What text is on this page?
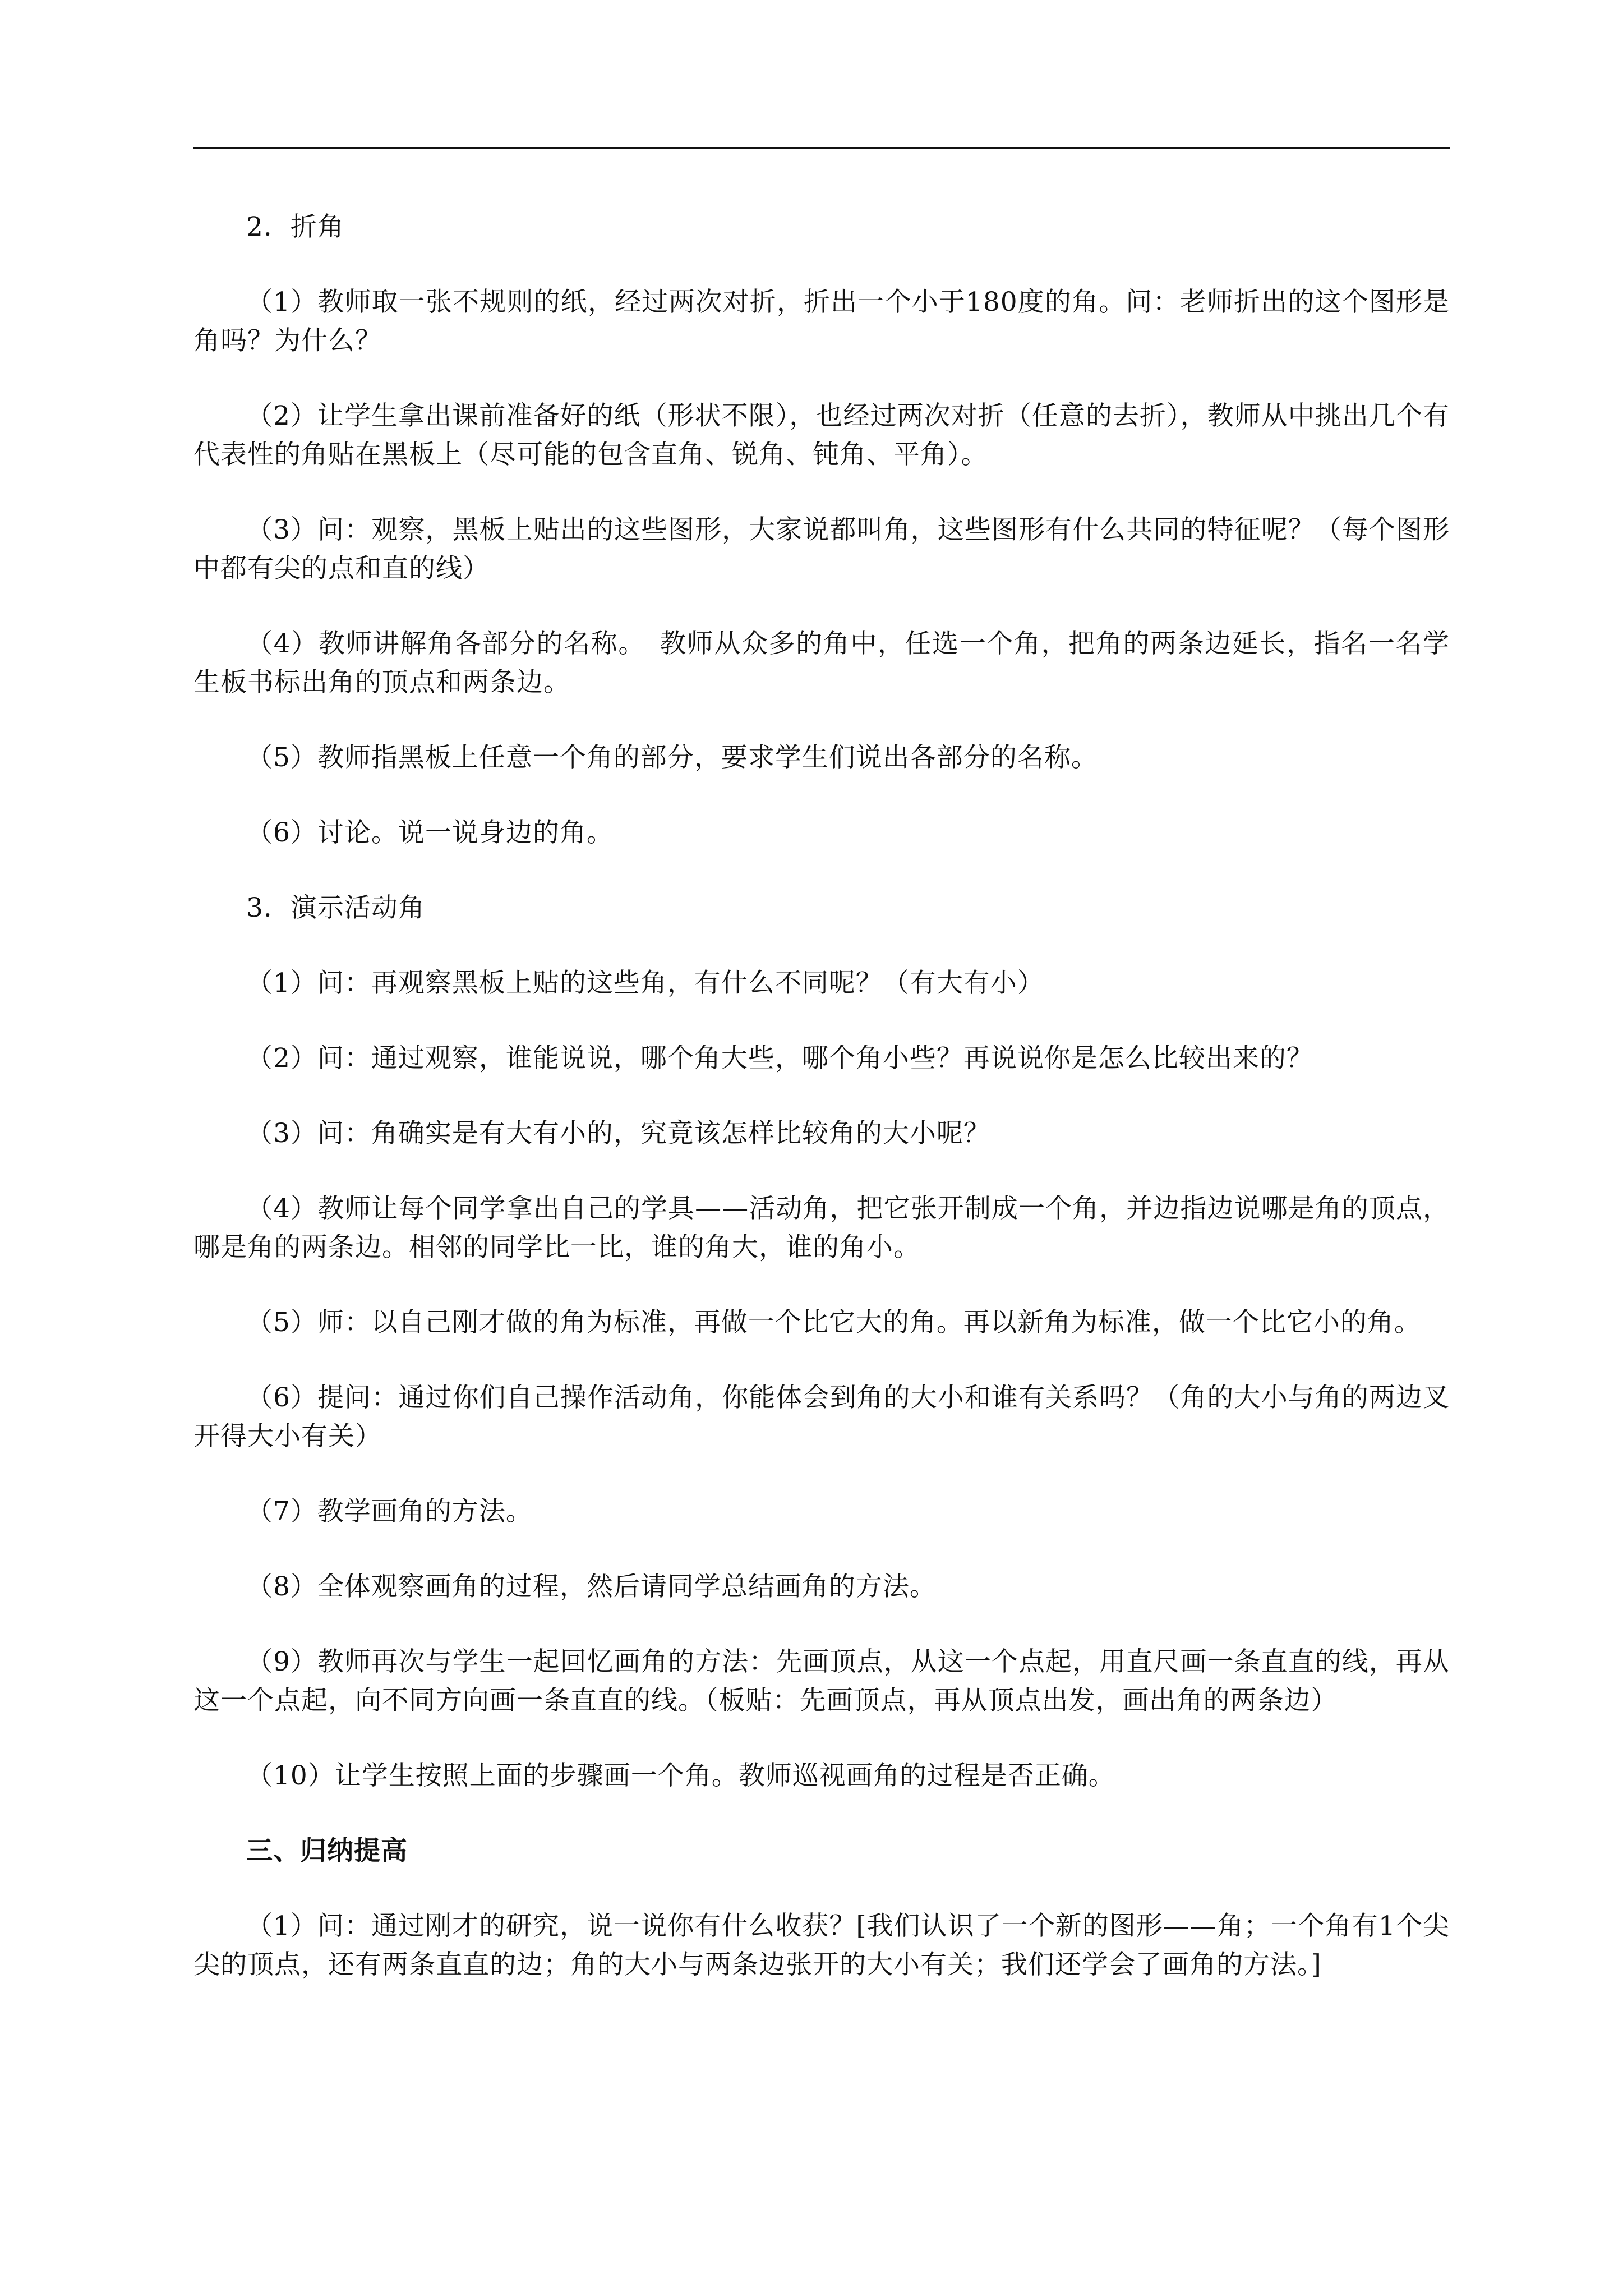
2．折角

（1）教师取一张不规则的纸，经过两次对折，折出一个小于180度的角。问：老师折出的这个图形是角吗？为什么？

（2）让学生拿出课前准备好的纸（形状不限），也经过两次对折（任意的去折），教师从中挑出几个有代表性的角贴在黑板上（尽可能的包含直角、锐角、钝角、平角）。

（3）问：观察，黑板上贴出的这些图形，大家说都叫角，这些图形有什么共同的特征呢？（每个图形中都有尖的点和直的线）

（4）教师讲解角各部分的名称。　教师从众多的角中，任选一个角，把角的两条边延长，指名一名学生板书标出角的顶点和两条边。

（5）教师指黑板上任意一个角的部分，要求学生们说出各部分的名称。

（6）讨论。说一说身边的角。

3．演示活动角

（1）问：再观察黑板上贴的这些角，有什么不同呢？（有大有小）

（2）问：通过观察，谁能说说，哪个角大些，哪个角小些？再说说你是怎么比较出来的？

（3）问：角确实是有大有小的，究竟该怎样比较角的大小呢？

（4）教师让每个同学拿出自己的学具——活动角，把它张开制成一个角，并边指边说哪是角的顶点，哪是角的两条边。相邻的同学比一比，谁的角大，谁的角小。

（5）师：以自己刚才做的角为标准，再做一个比它大的角。再以新角为标准，做一个比它小的角。

（6）提问：通过你们自己操作活动角，你能体会到角的大小和谁有关系吗？（角的大小与角的两边叉开得大小有关）

（7）教学画角的方法。

（8）全体观察画角的过程，然后请同学总结画角的方法。

（9）教师再次与学生一起回忆画角的方法：先画顶点，从这一个点起，用直尺画一条直直的线，再从这一个点起，向不同方向画一条直直的线。（板贴：先画顶点，再从顶点出发，画出角的两条边）

（10）让学生按照上面的步骤画一个角。教师巡视画角的过程是否正确。

三、归纳提高

（1）问：通过刚才的研究，说一说你有什么收获？[我们认识了一个新的图形——角；一个角有1个尖尖的顶点，还有两条直直的边；角的大小与两条边张开的大小有关；我们还学会了画角的方法。]
